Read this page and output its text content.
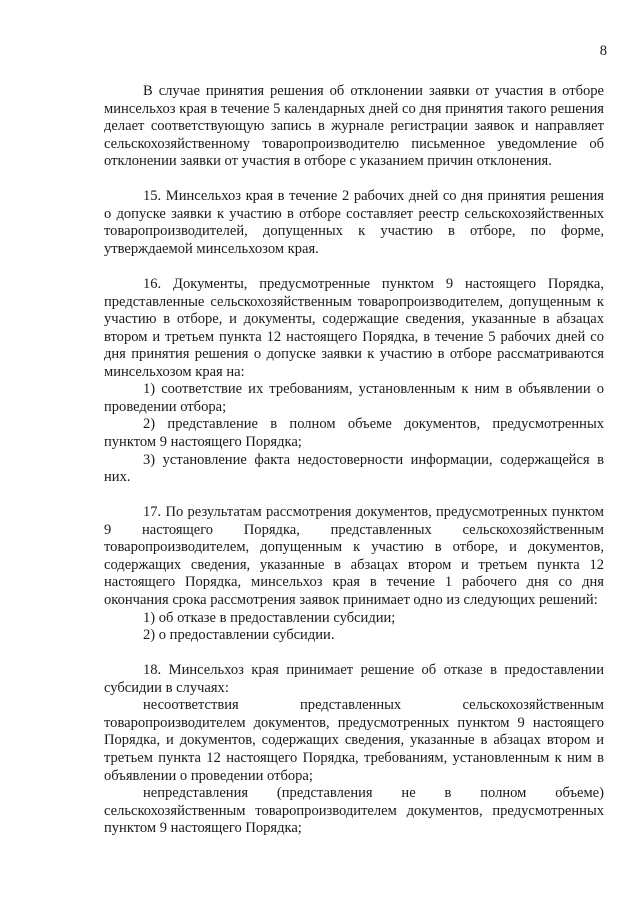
8

В случае принятия решения об отклонении заявки от участия в отборе минсельхоз края в течение 5 календарных дней со дня принятия такого решения делает соответствующую запись в журнале регистрации заявок и направляет сельскохозяйственному товаропроизводителю письменное уведомление об отклонении заявки от участия в отборе с указанием причин отклонения.

15. Минсельхоз края в течение 2 рабочих дней со дня принятия решения о допуске заявки к участию в отборе составляет реестр сельскохозяйственных товаропроизводителей, допущенных к участию в отборе, по форме, утверждаемой минсельхозом края.

16. Документы, предусмотренные пунктом 9 настоящего Порядка, представленные сельскохозяйственным товаропроизводителем, допущенным к участию в отборе, и документы, содержащие сведения, указанные в абзацах втором и третьем пункта 12 настоящего Порядка, в течение 5 рабочих дней со дня принятия решения о допуске заявки к участию в отборе рассматриваются минсельхозом края на:

1) соответствие их требованиям, установленным к ним в объявлении о проведении отбора;

2) представление в полном объеме документов, предусмотренных пунктом 9 настоящего Порядка;

3) установление факта недостоверности информации, содержащейся в них.

17. По результатам рассмотрения документов, предусмотренных пунктом 9 настоящего Порядка, представленных сельскохозяйственным товаропроизводителем, допущенным к участию в отборе, и документов, содержащих сведения, указанные в абзацах втором и третьем пункта 12 настоящего Порядка, минсельхоз края в течение 1 рабочего дня со дня окончания срока рассмотрения заявок принимает одно из следующих решений:

1) об отказе в предоставлении субсидии;

2) о предоставлении субсидии.

18. Минсельхоз края принимает решение об отказе в предоставлении субсидии в случаях:

несоответствия представленных сельскохозяйственным товаропроизводителем документов, предусмотренных пунктом 9 настоящего Порядка, и документов, содержащих сведения, указанные в абзацах втором и третьем пункта 12 настоящего Порядка, требованиям, установленным к ним в объявлении о проведении отбора;

непредставления (представления не в полном объеме) сельскохозяйственным товаропроизводителем документов, предусмотренных пунктом 9 настоящего Порядка;
